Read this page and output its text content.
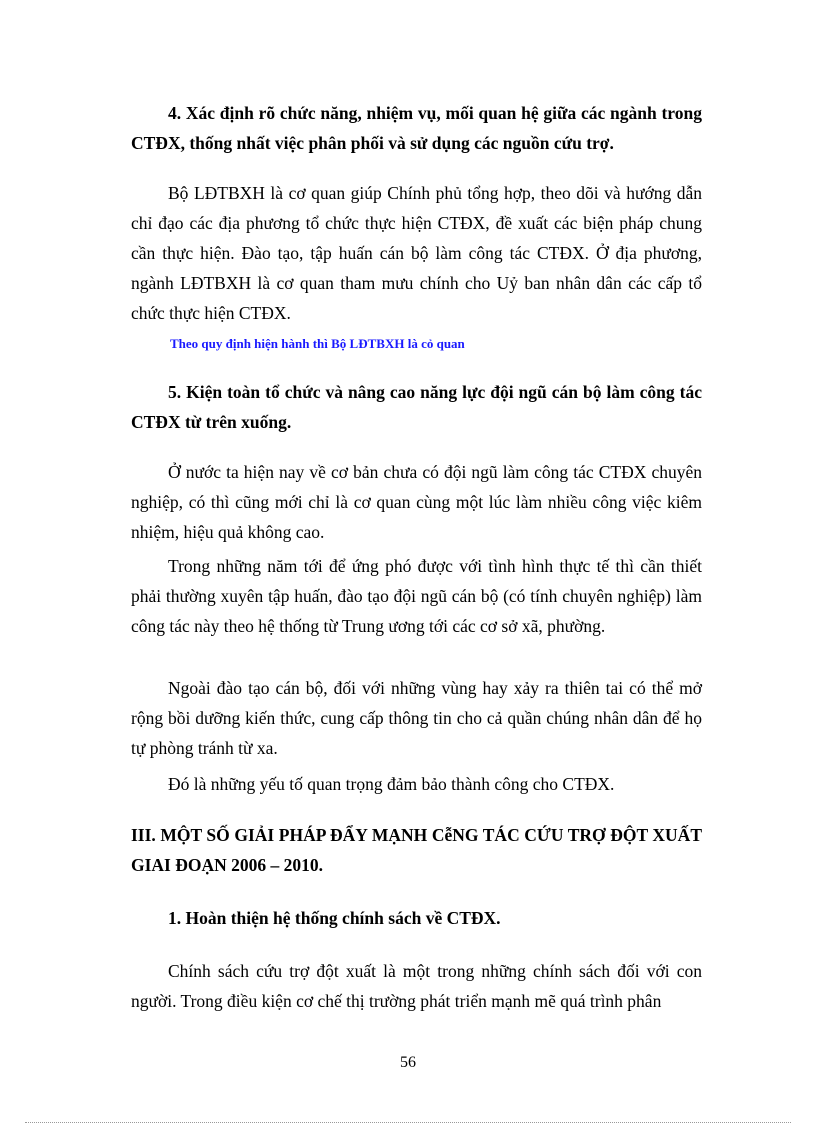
4. Xác định rõ chức năng, nhiệm vụ, mối quan hệ giữa các ngành trong CTĐX, thống nhất việc phân phối và sử dụng các nguồn cứu trợ.
Bộ LĐTBXH là cơ quan giúp Chính phủ tổng hợp, theo dõi và hướng dẫn chỉ đạo các địa phương tổ chức thực hiện CTĐX, đề xuất các biện pháp chung cần thực hiện. Đào tạo, tập huấn cán bộ làm công tác CTĐX. Ở địa phương, ngành LĐTBXH là cơ quan tham mưu chính cho Uỷ ban nhân dân các cấp tổ chức thực hiện CTĐX.
Theo quy định hiện hành thì Bộ LĐTBXH là cỏ quan
5. Kiện toàn tổ chức và nâng cao năng lực đội ngũ cán bộ làm công tác CTĐX từ trên xuống.
Ở nước ta hiện nay về cơ bản chưa có đội ngũ làm công tác CTĐX chuyên nghiệp, có thì cũng mới chỉ là cơ quan cùng một lúc làm nhiều công việc kiêm nhiệm, hiệu quả không cao.
Trong những năm tới để ứng phó được với tình hình thực tế thì cần thiết phải thường xuyên tập huấn, đào tạo đội ngũ cán bộ (có tính chuyên nghiệp) làm công tác này theo hệ thống từ Trung ương tới các cơ sở xã, phường.
Ngoài đào tạo cán bộ, đối với những vùng hay xảy ra thiên tai có thể mở rộng bồi dưỡng kiến thức, cung cấp thông tin cho cả quần chúng nhân dân để họ tự phòng tránh từ xa.
Đó là những yếu tố quan trọng đảm bảo thành công cho CTĐX.
III. MỘT SỐ GIẢI PHÁP ĐẨY MẠNH CễNG TÁC CỨU TRỢ ĐỘT XUẤT GIAI ĐOẠN 2006 – 2010.
1. Hoàn thiện hệ thống chính sách về CTĐX.
Chính sách cứu trợ đột xuất là một trong những chính sách đối với con người. Trong điều kiện cơ chế thị trường phát triển mạnh mẽ quá trình phân
56
